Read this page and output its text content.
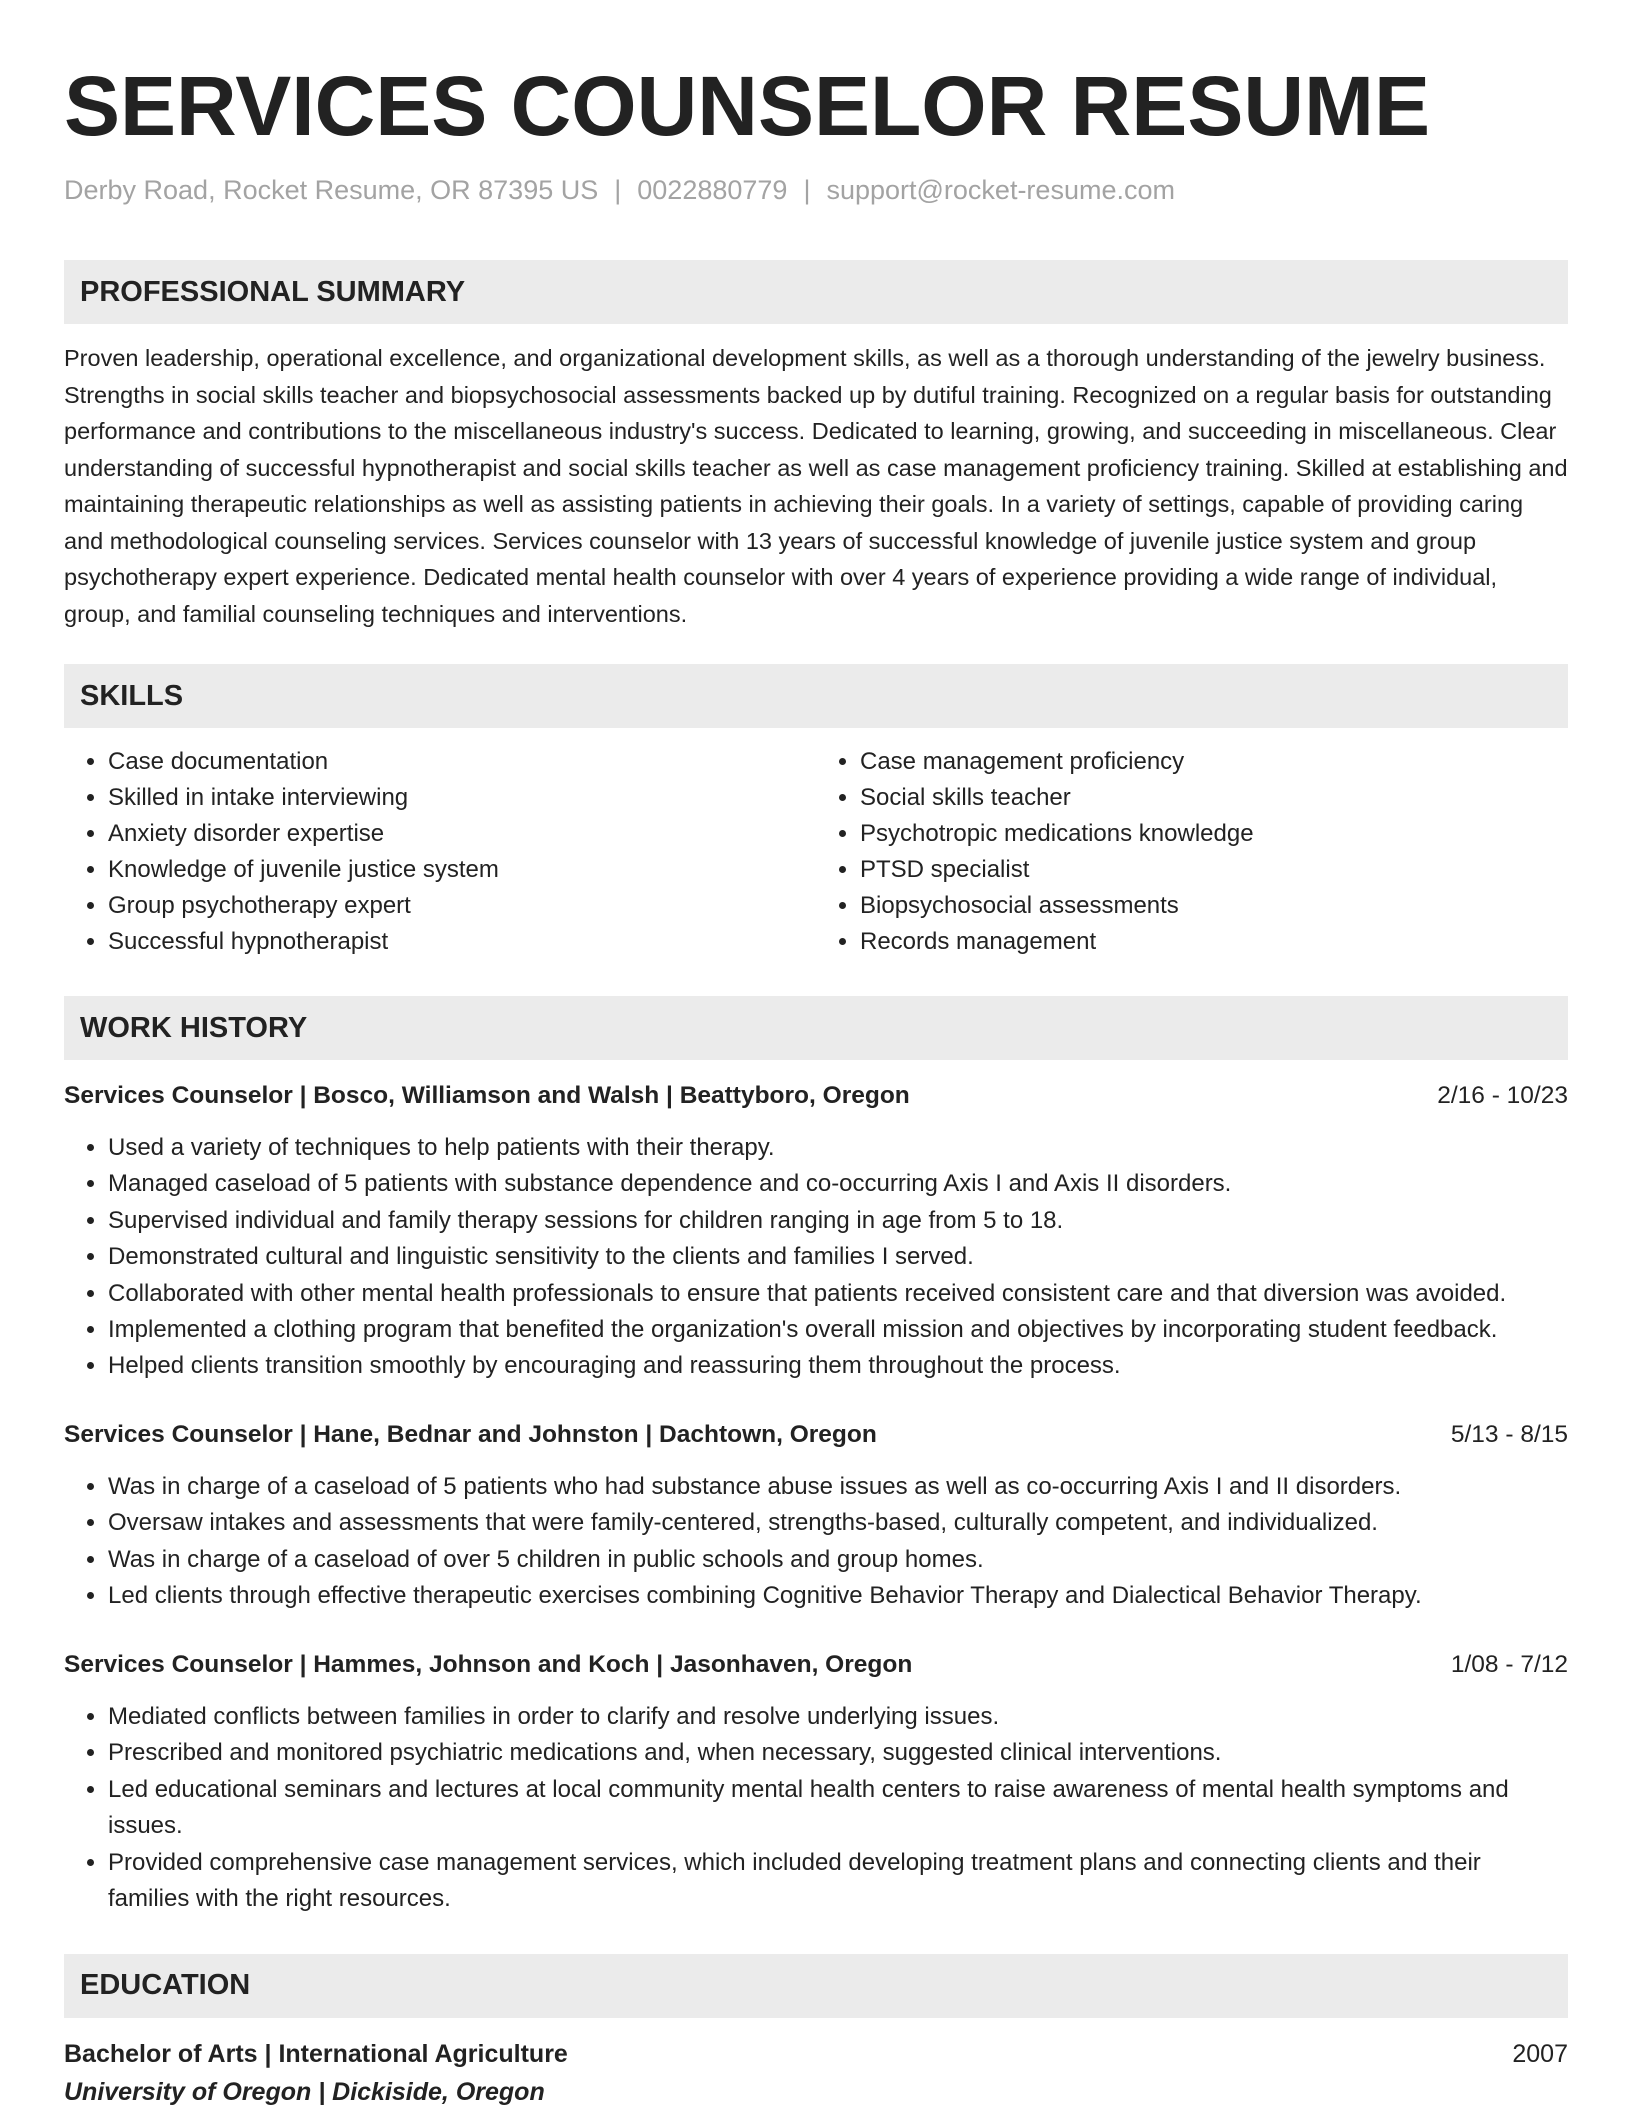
SERVICES COUNSELOR RESUME
Derby Road, Rocket Resume, OR 87395 US | 0022880779 | support@rocket-resume.com
PROFESSIONAL SUMMARY
Proven leadership, operational excellence, and organizational development skills, as well as a thorough understanding of the jewelry business. Strengths in social skills teacher and biopsychosocial assessments backed up by dutiful training. Recognized on a regular basis for outstanding performance and contributions to the miscellaneous industry's success. Dedicated to learning, growing, and succeeding in miscellaneous. Clear understanding of successful hypnotherapist and social skills teacher as well as case management proficiency training. Skilled at establishing and maintaining therapeutic relationships as well as assisting patients in achieving their goals. In a variety of settings, capable of providing caring and methodological counseling services. Services counselor with 13 years of successful knowledge of juvenile justice system and group psychotherapy expert experience. Dedicated mental health counselor with over 4 years of experience providing a wide range of individual, group, and familial counseling techniques and interventions.
SKILLS
• Case documentation
• Skilled in intake interviewing
• Anxiety disorder expertise
• Knowledge of juvenile justice system
• Group psychotherapy expert
• Successful hypnotherapist
• Case management proficiency
• Social skills teacher
• Psychotropic medications knowledge
• PTSD specialist
• Biopsychosocial assessments
• Records management
WORK HISTORY
Services Counselor | Bosco, Williamson and Walsh | Beattyboro, Oregon	2/16 - 10/23
• Used a variety of techniques to help patients with their therapy.
• Managed caseload of 5 patients with substance dependence and co-occurring Axis I and Axis II disorders.
• Supervised individual and family therapy sessions for children ranging in age from 5 to 18.
• Demonstrated cultural and linguistic sensitivity to the clients and families I served.
• Collaborated with other mental health professionals to ensure that patients received consistent care and that diversion was avoided.
• Implemented a clothing program that benefited the organization's overall mission and objectives by incorporating student feedback.
• Helped clients transition smoothly by encouraging and reassuring them throughout the process.
Services Counselor | Hane, Bednar and Johnston | Dachtown, Oregon	5/13 - 8/15
• Was in charge of a caseload of 5 patients who had substance abuse issues as well as co-occurring Axis I and II disorders.
• Oversaw intakes and assessments that were family-centered, strengths-based, culturally competent, and individualized.
• Was in charge of a caseload of over 5 children in public schools and group homes.
• Led clients through effective therapeutic exercises combining Cognitive Behavior Therapy and Dialectical Behavior Therapy.
Services Counselor | Hammes, Johnson and Koch | Jasonhaven, Oregon	1/08 - 7/12
• Mediated conflicts between families in order to clarify and resolve underlying issues.
• Prescribed and monitored psychiatric medications and, when necessary, suggested clinical interventions.
• Led educational seminars and lectures at local community mental health centers to raise awareness of mental health symptoms and issues.
• Provided comprehensive case management services, which included developing treatment plans and connecting clients and their families with the right resources.
EDUCATION
Bachelor of Arts | International Agriculture	2007
University of Oregon | Dickiside, Oregon
